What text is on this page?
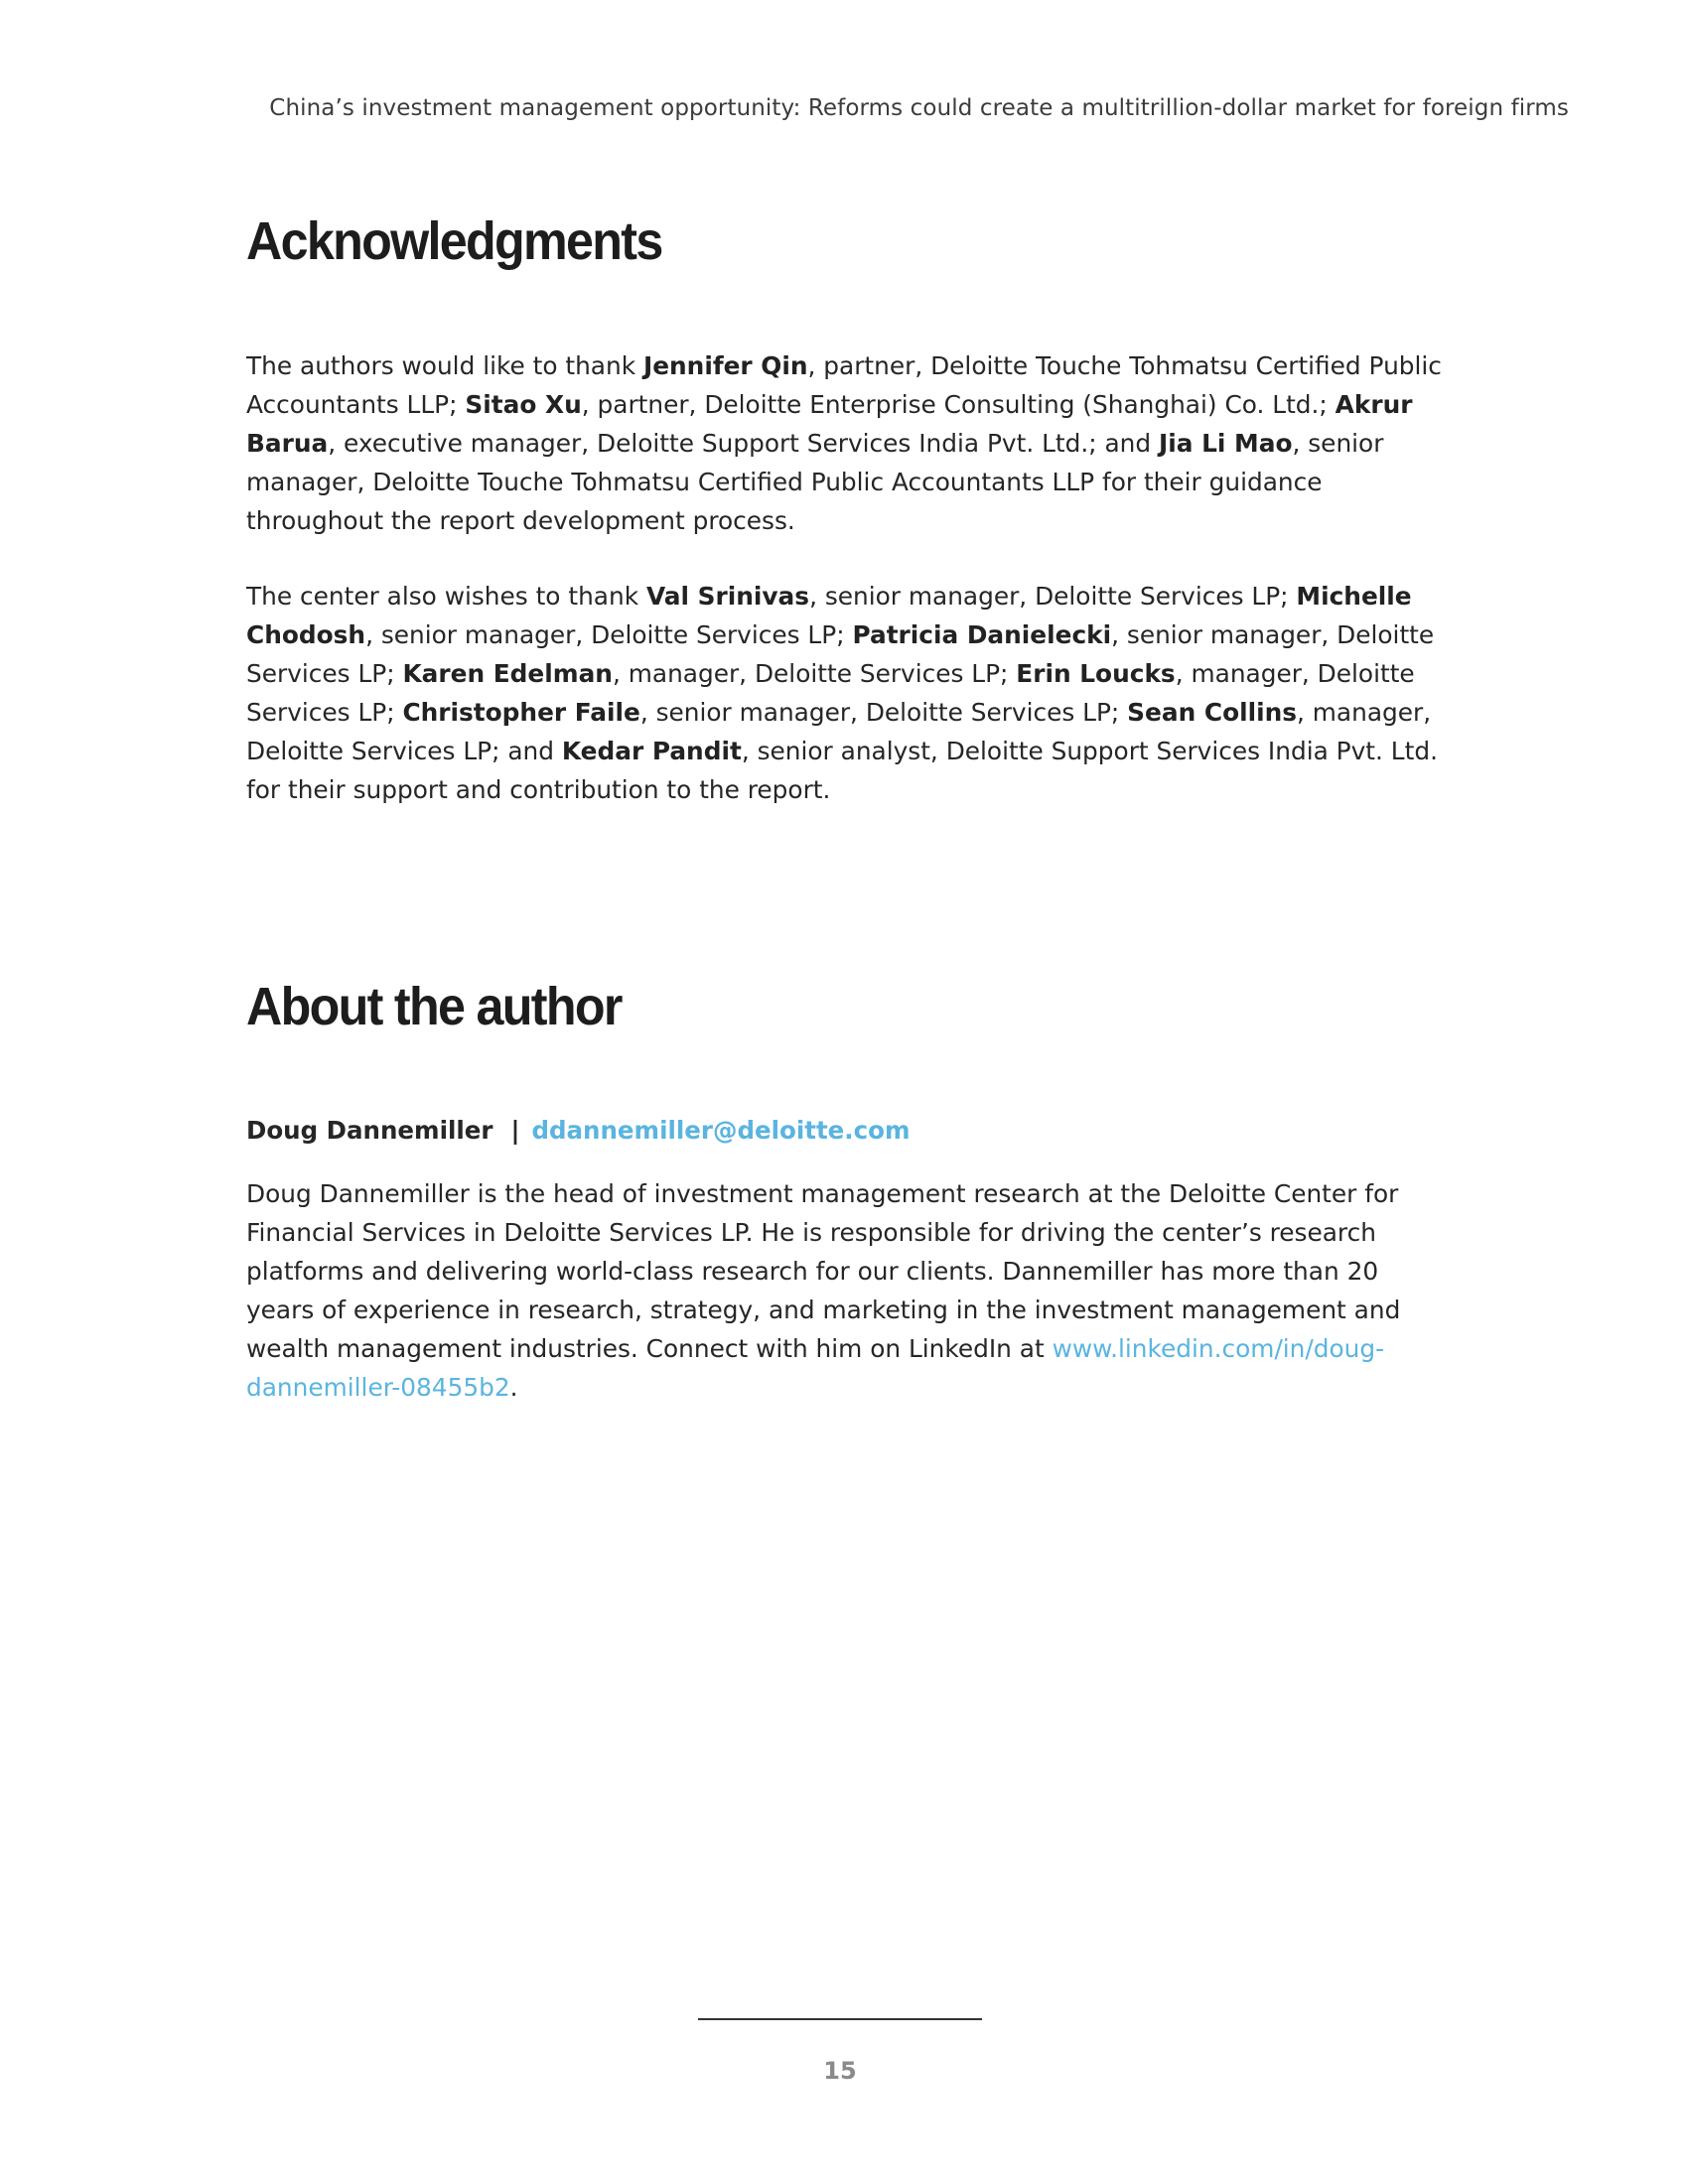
China’s investment management opportunity: Reforms could create a multitrillion-dollar market for foreign firms
Acknowledgments

The authors would like to thank Jennifer Qin, partner, Deloitte Touche Tohmatsu Certified Public Accountants LLP; Sitao Xu, partner, Deloitte Enterprise Consulting (Shanghai) Co. Ltd.; Akrur Barua, executive manager, Deloitte Support Services India Pvt. Ltd.; and Jia Li Mao, senior manager, Deloitte Touche Tohmatsu Certified Public Accountants LLP for their guidance throughout the report development process.

The center also wishes to thank Val Srinivas, senior manager, Deloitte Services LP; Michelle Chodosh, senior manager, Deloitte Services LP; Patricia Danielecki, senior manager, Deloitte Services LP; Karen Edelman, manager, Deloitte Services LP; Erin Loucks, manager, Deloitte Services LP; Christopher Faile, senior manager, Deloitte Services LP; Sean Collins, manager, Deloitte Services LP; and Kedar Pandit, senior analyst, Deloitte Support Services India Pvt. Ltd. for their support and contribution to the report.

About the author
Doug Dannemiller | ddannemiller@deloitte.com

Doug Dannemiller is the head of investment management research at the Deloitte Center for Financial Services in Deloitte Services LP. He is responsible for driving the center’s research platforms and delivering world-class research for our clients. Dannemiller has more than 20 years of experience in research, strategy, and marketing in the investment management and wealth management industries. Connect with him on LinkedIn at www.linkedin.com/in/doug-dannemiller-08455b2.

15
